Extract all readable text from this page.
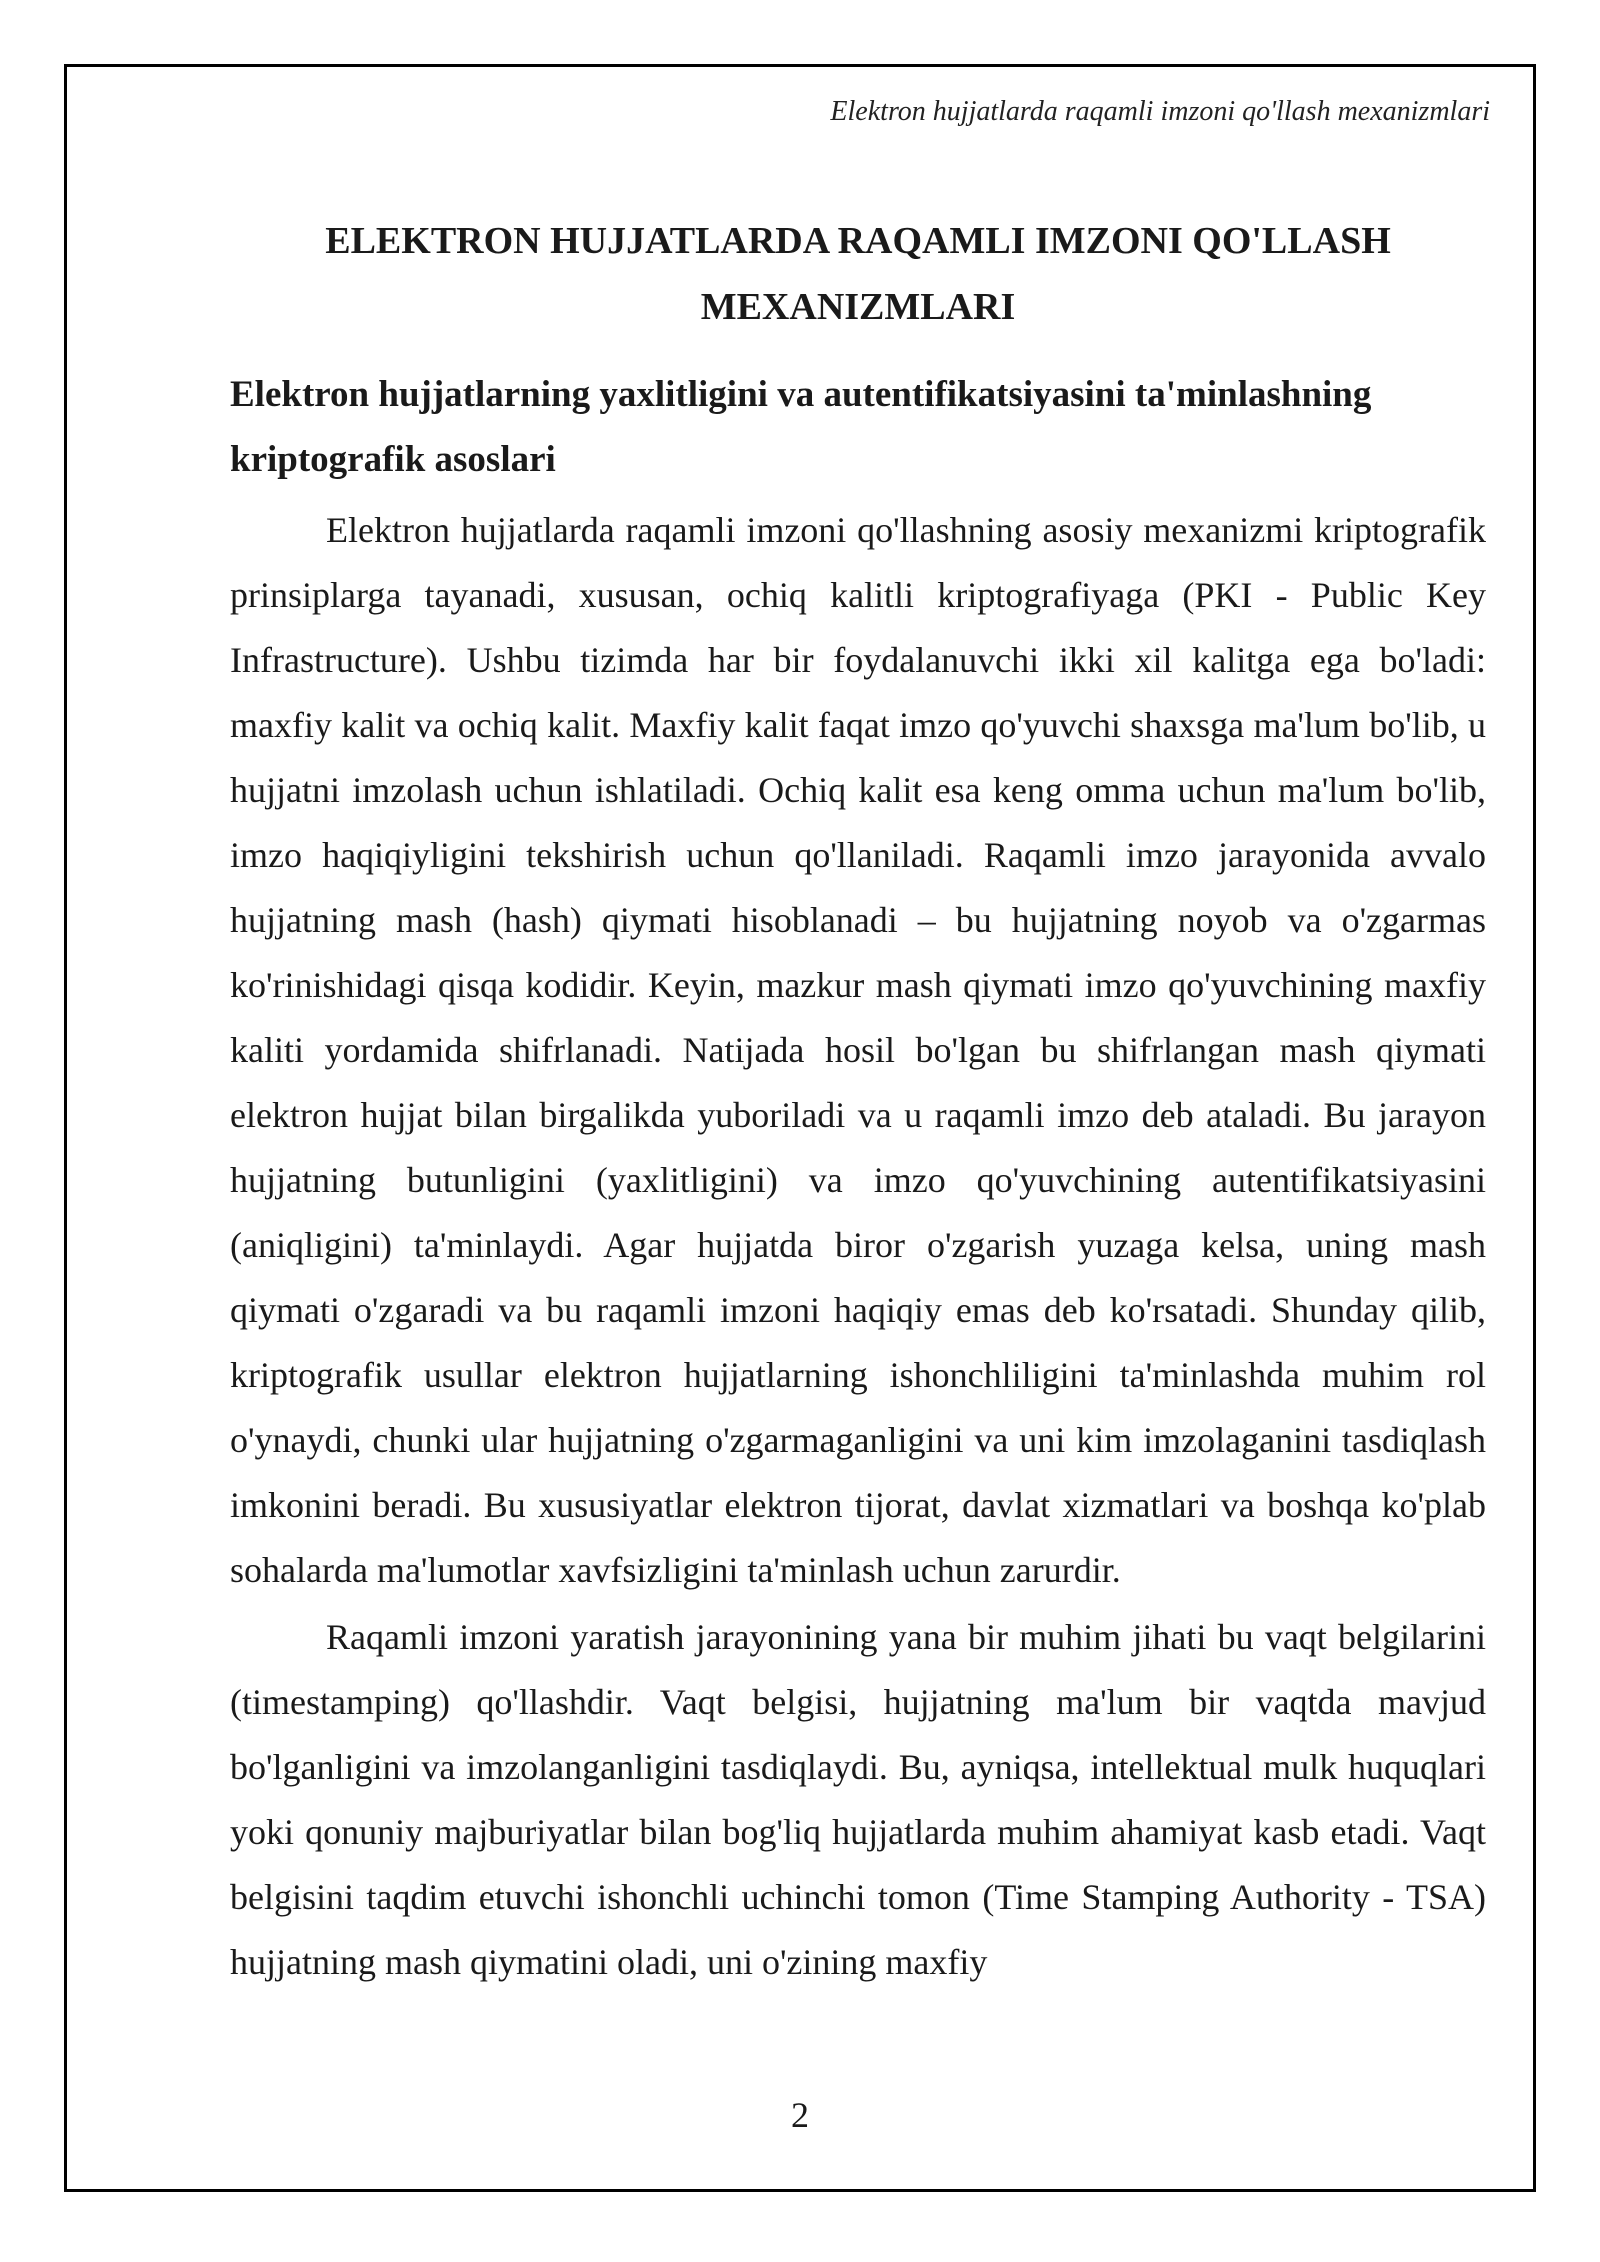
Elektron hujjatlarda raqamli imzoni qo'llash mexanizmlari
ELEKTRON HUJJATLARDA RAQAMLI IMZONI QO'LLASH
MEXANIZMLARI
Elektron hujjatlarning yaxlitligini va autentifikatsiyasini ta'minlashning kriptografik asoslari

Elektron hujjatlarda raqamli imzoni qo'llashning asosiy mexanizmi kriptografik prinsiplarga tayanadi, xususan, ochiq kalitli kriptografiyaga (PKI - Public Key Infrastructure). Ushbu tizimda har bir foydalanuvchi ikki xil kalitga ega bo'ladi: maxfiy kalit va ochiq kalit. Maxfiy kalit faqat imzo qo'yuvchi shaxsga ma'lum bo'lib, u hujjatni imzolash uchun ishlatiladi. Ochiq kalit esa keng omma uchun ma'lum bo'lib, imzo haqiqiyligini tekshirish uchun qo'llaniladi. Raqamli imzo jarayonida avvalo hujjatning mash (hash) qiymati hisoblanadi – bu hujjatning noyob va o'zgarmas ko'rinishidagi qisqa kodidir. Keyin, mazkur mash qiymati imzo qo'yuvchining maxfiy kaliti yordamida shifrlanadi. Natijada hosil bo'lgan bu shifrlangan mash qiymati elektron hujjat bilan birgalikda yuboriladi va u raqamli imzo deb ataladi. Bu jarayon hujjatning butunligini (yaxlitligini) va imzo qo'yuvchining autentifikatsiyasini (aniqligini) ta'minlaydi. Agar hujjatda biror o'zgarish yuzaga kelsa, uning mash qiymati o'zgaradi va bu raqamli imzoni haqiqiy emas deb ko'rsatadi. Shunday qilib, kriptografik usullar elektron hujjatlarning ishonchliligini ta'minlashda muhim rol o'ynaydi, chunki ular hujjatning o'zgarmaganligini va uni kim imzolaganini tasdiqlash imkonini beradi. Bu xususiyatlar elektron tijorat, davlat xizmatlari va boshqa ko'plab sohalarda ma'lumotlar xavfsizligini ta'minlash uchun zarurdir.

Raqamli imzoni yaratish jarayonining yana bir muhim jihati bu vaqt belgilarini (timestamping) qo'llashdir. Vaqt belgisi, hujjatning ma'lum bir vaqtda mavjud bo'lganligini va imzolanganligini tasdiqlaydi. Bu, ayniqsa, intellektual mulk huquqlari yoki qonuniy majburiyatlar bilan bog'liq hujjatlarda muhim ahamiyat kasb etadi. Vaqt belgisini taqdim etuvchi ishonchli uchinchi tomon (Time Stamping Authority - TSA) hujjatning mash qiymatini oladi, uni o'zining maxfiy

2
